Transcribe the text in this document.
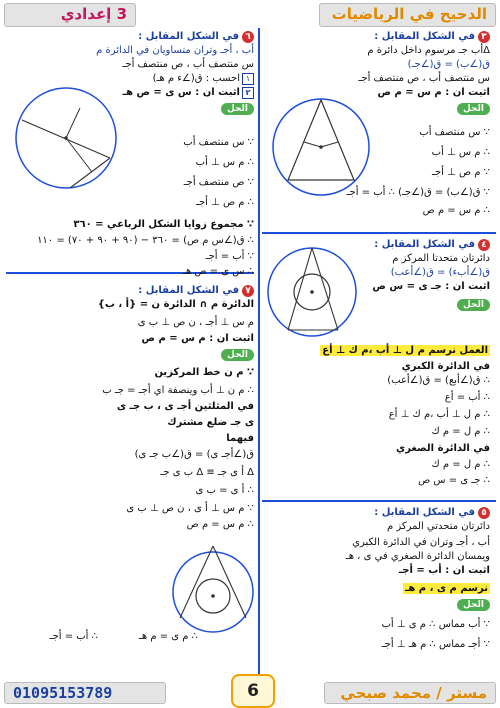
3 إعدادي	الدحيح في الرياضيات
٣في الشكل المقابل :
Δأب جـ مرسوم داخل دائرة م
ق(∠ب) = ق(∠جـ)
س منتصف أب ، ص منتصف أجـ
اثبت ان : م س = م ص
الحل
∵ س منتصف أب
∴ م س ⊥ أب
∵ م ص ⊥ أجـ
∵ ق(∠ب) = ق(∠جـ) ∴ أب = أجـ
∴ م س = م ص
٤في الشكل المقابل :
دائرتان متحدتا المركز م
ق(∠أبء) = ق(∠أعب)
اثبت ان : جـ ى = س ص
الحل
العمل نرسم م ل ⊥ أب ،م ك ⊥ أع
في الدائرة الكبري
∴ ق(∠أبع) = ق(∠أعب)
∴ أب = أع
∴ م ل ⊥ أب ،م ك ⊥ أع
∴ م ل = م ك
في الدائرة الصغري
∴ م ل = م ك
∴ جـ ى = س ص
٥في الشكل المقابل :
دائرتان متحدتي المركز م
أب ، أجـ وتران في الدائرة الكبري
ويمسان الدائرة الصغري في ى ، هـ
اثبت ان : أب = أجـ
نرسم م ى ، م هـ
الحل
∵ أب مماس ∴ م ى ⊥ أب
∵ أجـ مماس ∴ م هـ ⊥ أجـ
٦في الشكل المقابل :
أب ، أجـ وتران متساويان في الدائرة م
س منتصف أب ، ص منتصف أجـ
١احسب : ق(∠ء م هـ)
٢اثبت ان : س ى = ص هـ
الحل
∵ س منتصف أب
∴ م س ⊥ أب
∵ ص منتصف أجـ
∴ م ص ⊥ أجـ
∵ مجموع زوايا الشكل الرباعي = ٣٦٠
∴ ق(∠س م ص) = ٣٦٠ − (٩٠ + ٩٠ + ٧٠) = ١١٠
∵ أب = أجـ
∴ س ى = ص هـ
٧في الشكل المقابل :
الدائرة م ∩ الدائرة ن = {أ ، ب}
م س ⊥ أجـ ، ن ص ⊥ ب ى
اثبت ان : م س = م ص
الحل
∵ م ن خط المركزين
∴ م ن ⊥ أب وينصفة اي أجـ = جـ ب
في المثلثين أجـ ى ، ب جـ ى
ى جـ ضلع مشترك
فيهما
ق(∠أجـ ى) = ق(∠ب جـ ى)
Δ أ ى جـ ≡ Δ ب ى جـ
∴ أ ى = ب ى
∵ م س ⊥ أ ى ، ن ص ⊥ ب ى
∴ م س = م ص
∴ أب = أجـ	∴ م ى = م هـ
01095153789	6	مستر / محمد صبحي
